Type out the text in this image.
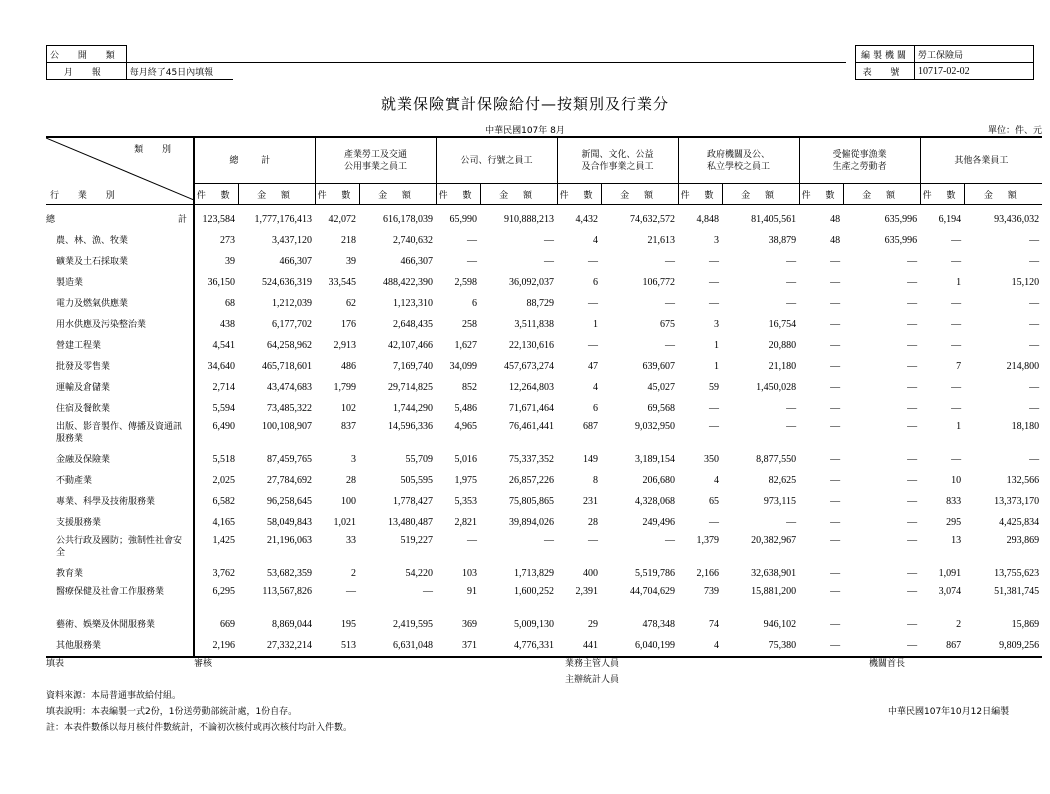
公 開 類	
月 報	每月終了45日內填報
編製機關	勞工保險局
表 號	10717-02-02
就業保險實計保險給付—按類別及行業分
中華民國107年 8月	單位：件、元
類 別
行 業 別	總 計		產業勞工及交通
公用事業之員工		公司、行號之員工		新聞、文化、公益
及合作事業之員工		政府機關及公、
私立學校之員工		受僱從事漁業
生產之勞動者		其他各業員工	
	件 數	金 額	件 數	金 額	件 數	金 額	件 數	金 額	件 數	金 額	件 數	金 額	件 數	金 額
總 計	123,584	1,777,176,413	42,072	616,178,039	65,990	910,888,213	4,432	74,632,572	4,848	81,405,561	48	635,996	6,194	93,436,032
農、林、漁、牧業	273	3,437,120	218	2,740,632	—	—	4	21,613	3	38,879	48	635,996	—	—
礦業及土石採取業	39	466,307	39	466,307	—	—	—	—	—	—	—	—	—	—
製造業	36,150	524,636,319	33,545	488,422,390	2,598	36,092,037	6	106,772	—	—	—	—	1	15,120
電力及燃氣供應業	68	1,212,039	62	1,123,310	6	88,729	—	—	—	—	—	—	—	—
用水供應及污染整治業	438	6,177,702	176	2,648,435	258	3,511,838	1	675	3	16,754	—	—	—	—
營建工程業	4,541	64,258,962	2,913	42,107,466	1,627	22,130,616	—	—	1	20,880	—	—	—	—
批發及零售業	34,640	465,718,601	486	7,169,740	34,099	457,673,274	47	639,607	1	21,180	—	—	7	214,800
運輸及倉儲業	2,714	43,474,683	1,799	29,714,825	852	12,264,803	4	45,027	59	1,450,028	—	—	—	—
住宿及餐飲業	5,594	73,485,322	102	1,744,290	5,486	71,671,464	6	69,568	—	—	—	—	—	—
出版、影音製作、傳播及資通訊服務業	6,490	100,108,907	837	14,596,336	4,965	76,461,441	687	9,032,950	—	—	—	—	1	18,180
金融及保險業	5,518	87,459,765	3	55,709	5,016	75,337,352	149	3,189,154	350	8,877,550	—	—	—	—
不動產業	2,025	27,784,692	28	505,595	1,975	26,857,226	8	206,680	4	82,625	—	—	10	132,566
專業、科學及技術服務業	6,582	96,258,645	100	1,778,427	5,353	75,805,865	231	4,328,068	65	973,115	—	—	833	13,373,170
支援服務業	4,165	58,049,843	1,021	13,480,487	2,821	39,894,026	28	249,496	—	—	—	—	295	4,425,834
公共行政及國防；強制性社會安全	1,425	21,196,063	33	519,227	—	—	—	—	1,379	20,382,967	—	—	13	293,869
教育業	3,762	53,682,359	2	54,220	103	1,713,829	400	5,519,786	2,166	32,638,901	—	—	1,091	13,755,623
醫療保健及社會工作服務業	6,295	113,567,826	—	—	91	1,600,252	2,391	44,704,629	739	15,881,200	—	—	3,074	51,381,745
藝術、娛樂及休閒服務業	669	8,869,044	195	2,419,595	369	5,009,130	29	478,348	74	946,102	—	—	2	15,869
其他服務業	2,196	27,332,214	513	6,631,048	371	4,776,331	441	6,040,199	4	75,380	—	—	867	9,809,256
填表	審核	業務主管人員
主辦統計人員
機關首長
資料來源：本局普通事故給付組。
填表說明：本表編製一式2份，1份送勞動部統計處，1份自存。
註：本表件數係以每月核付件數統計，不論初次核付或再次核付均計入件數。
中華民國107年10月12日編製
